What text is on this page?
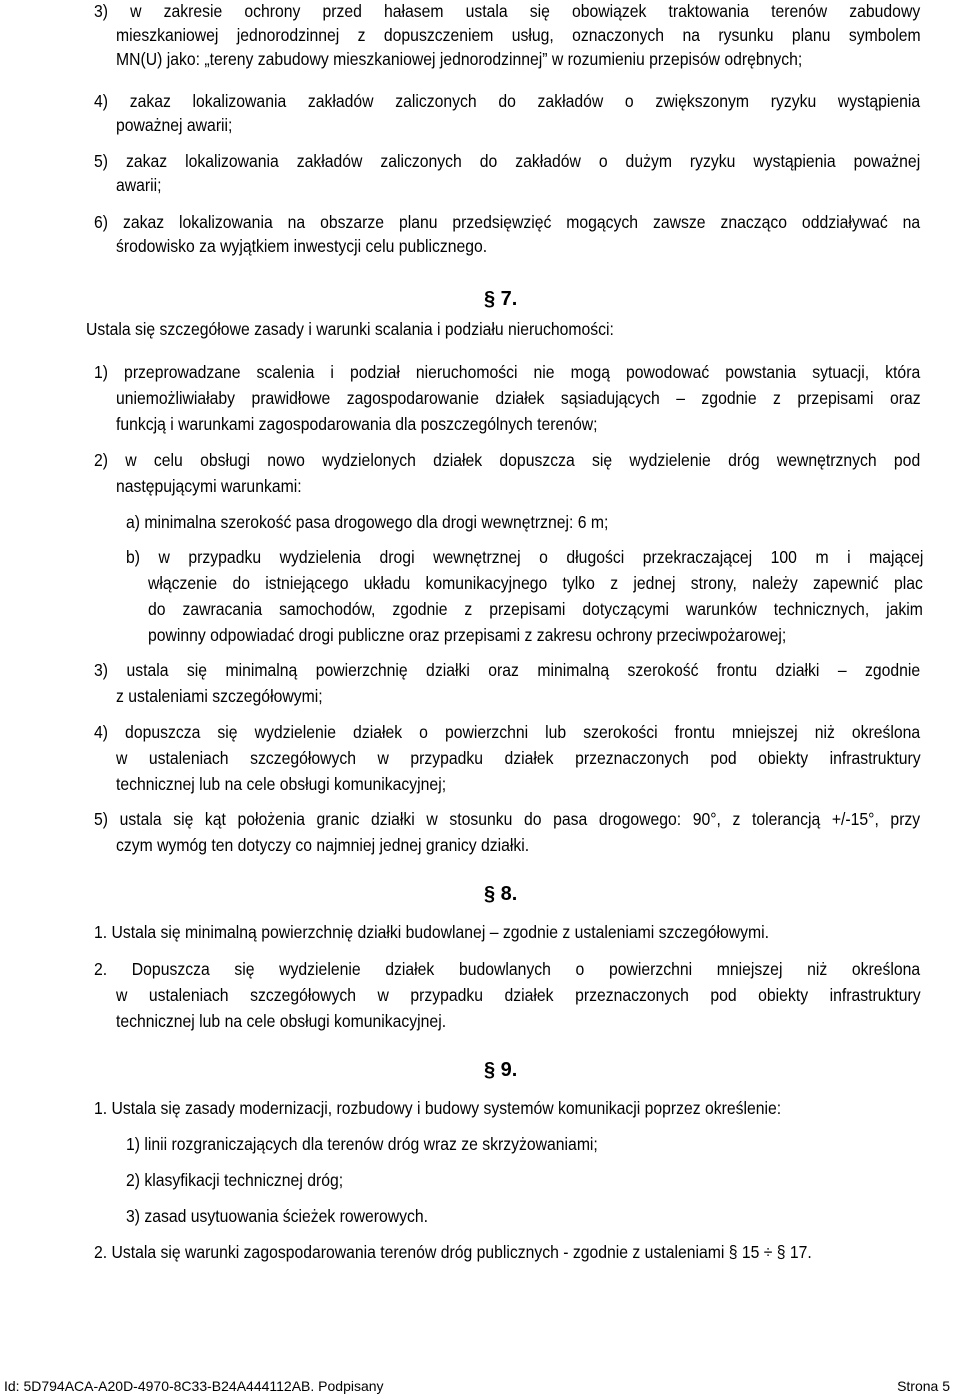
3) w zakresie ochrony przed hałasem ustala się obowiązek traktowania terenów zabudowy
mieszkaniowej jednorodzinnej z dopuszczeniem usług, oznaczonych na rysunku planu symbolem
MN(U) jako: „tereny zabudowy mieszkaniowej jednorodzinnej” w rozumieniu przepisów odrębnych;
4) zakaz lokalizowania zakładów zaliczonych do zakładów o zwiększonym ryzyku wystąpienia
poważnej awarii;
5) zakaz lokalizowania zakładów zaliczonych do zakładów o dużym ryzyku wystąpienia poważnej
awarii;
6) zakaz lokalizowania na obszarze planu przedsięwzięć mogących zawsze znacząco oddziaływać na
środowisko za wyjątkiem inwestycji celu publicznego.
§ 7.
Ustala się szczegółowe zasady i warunki scalania i podziału nieruchomości:
1) przeprowadzane scalenia i podział nieruchomości nie mogą powodować powstania sytuacji, która
uniemożliwiałaby prawidłowe zagospodarowanie działek sąsiadujących – zgodnie z przepisami oraz
funkcją i warunkami zagospodarowania dla poszczególnych terenów;
2) w celu obsługi nowo wydzielonych działek dopuszcza się wydzielenie dróg wewnętrznych pod
następującymi warunkami:
a) minimalna szerokość pasa drogowego dla drogi wewnętrznej: 6 m;
b) w przypadku wydzielenia drogi wewnętrznej o długości przekraczającej 100 m i mającej
włączenie do istniejącego układu komunikacyjnego tylko z jednej strony, należy zapewnić plac
do zawracania samochodów, zgodnie z przepisami dotyczącymi warunków technicznych, jakim
powinny odpowiadać drogi publiczne oraz przepisami z zakresu ochrony przeciwpożarowej;
3) ustala się minimalną powierzchnię działki oraz minimalną szerokość frontu działki – zgodnie
z ustaleniami szczegółowymi;
4) dopuszcza się wydzielenie działek o powierzchni lub szerokości frontu mniejszej niż określona
w ustaleniach szczegółowych w przypadku działek przeznaczonych pod obiekty infrastruktury
technicznej lub na cele obsługi komunikacyjnej;
5) ustala się kąt położenia granic działki w stosunku do pasa drogowego: 90°, z tolerancją +/-15°, przy
czym wymóg ten dotyczy co najmniej jednej granicy działki.
§ 8.
1. Ustala się minimalną powierzchnię działki budowlanej – zgodnie z ustaleniami szczegółowymi.
2. Dopuszcza się wydzielenie działek budowlanych o powierzchni mniejszej niż określona
w ustaleniach szczegółowych w przypadku działek przeznaczonych pod obiekty infrastruktury
technicznej lub na cele obsługi komunikacyjnej.
§ 9.
1. Ustala się zasady modernizacji, rozbudowy i budowy systemów komunikacji poprzez określenie:
1) linii rozgraniczających dla terenów dróg wraz ze skrzyżowaniami;
2) klasyfikacji technicznej dróg;
3) zasad usytuowania ścieżek rowerowych.
2. Ustala się warunki zagospodarowania terenów dróg publicznych - zgodnie z ustaleniami § 15 ÷ § 17.
Id: 5D794ACA-A20D-4970-8C33-B24A444112AB. Podpisany	Strona 5
